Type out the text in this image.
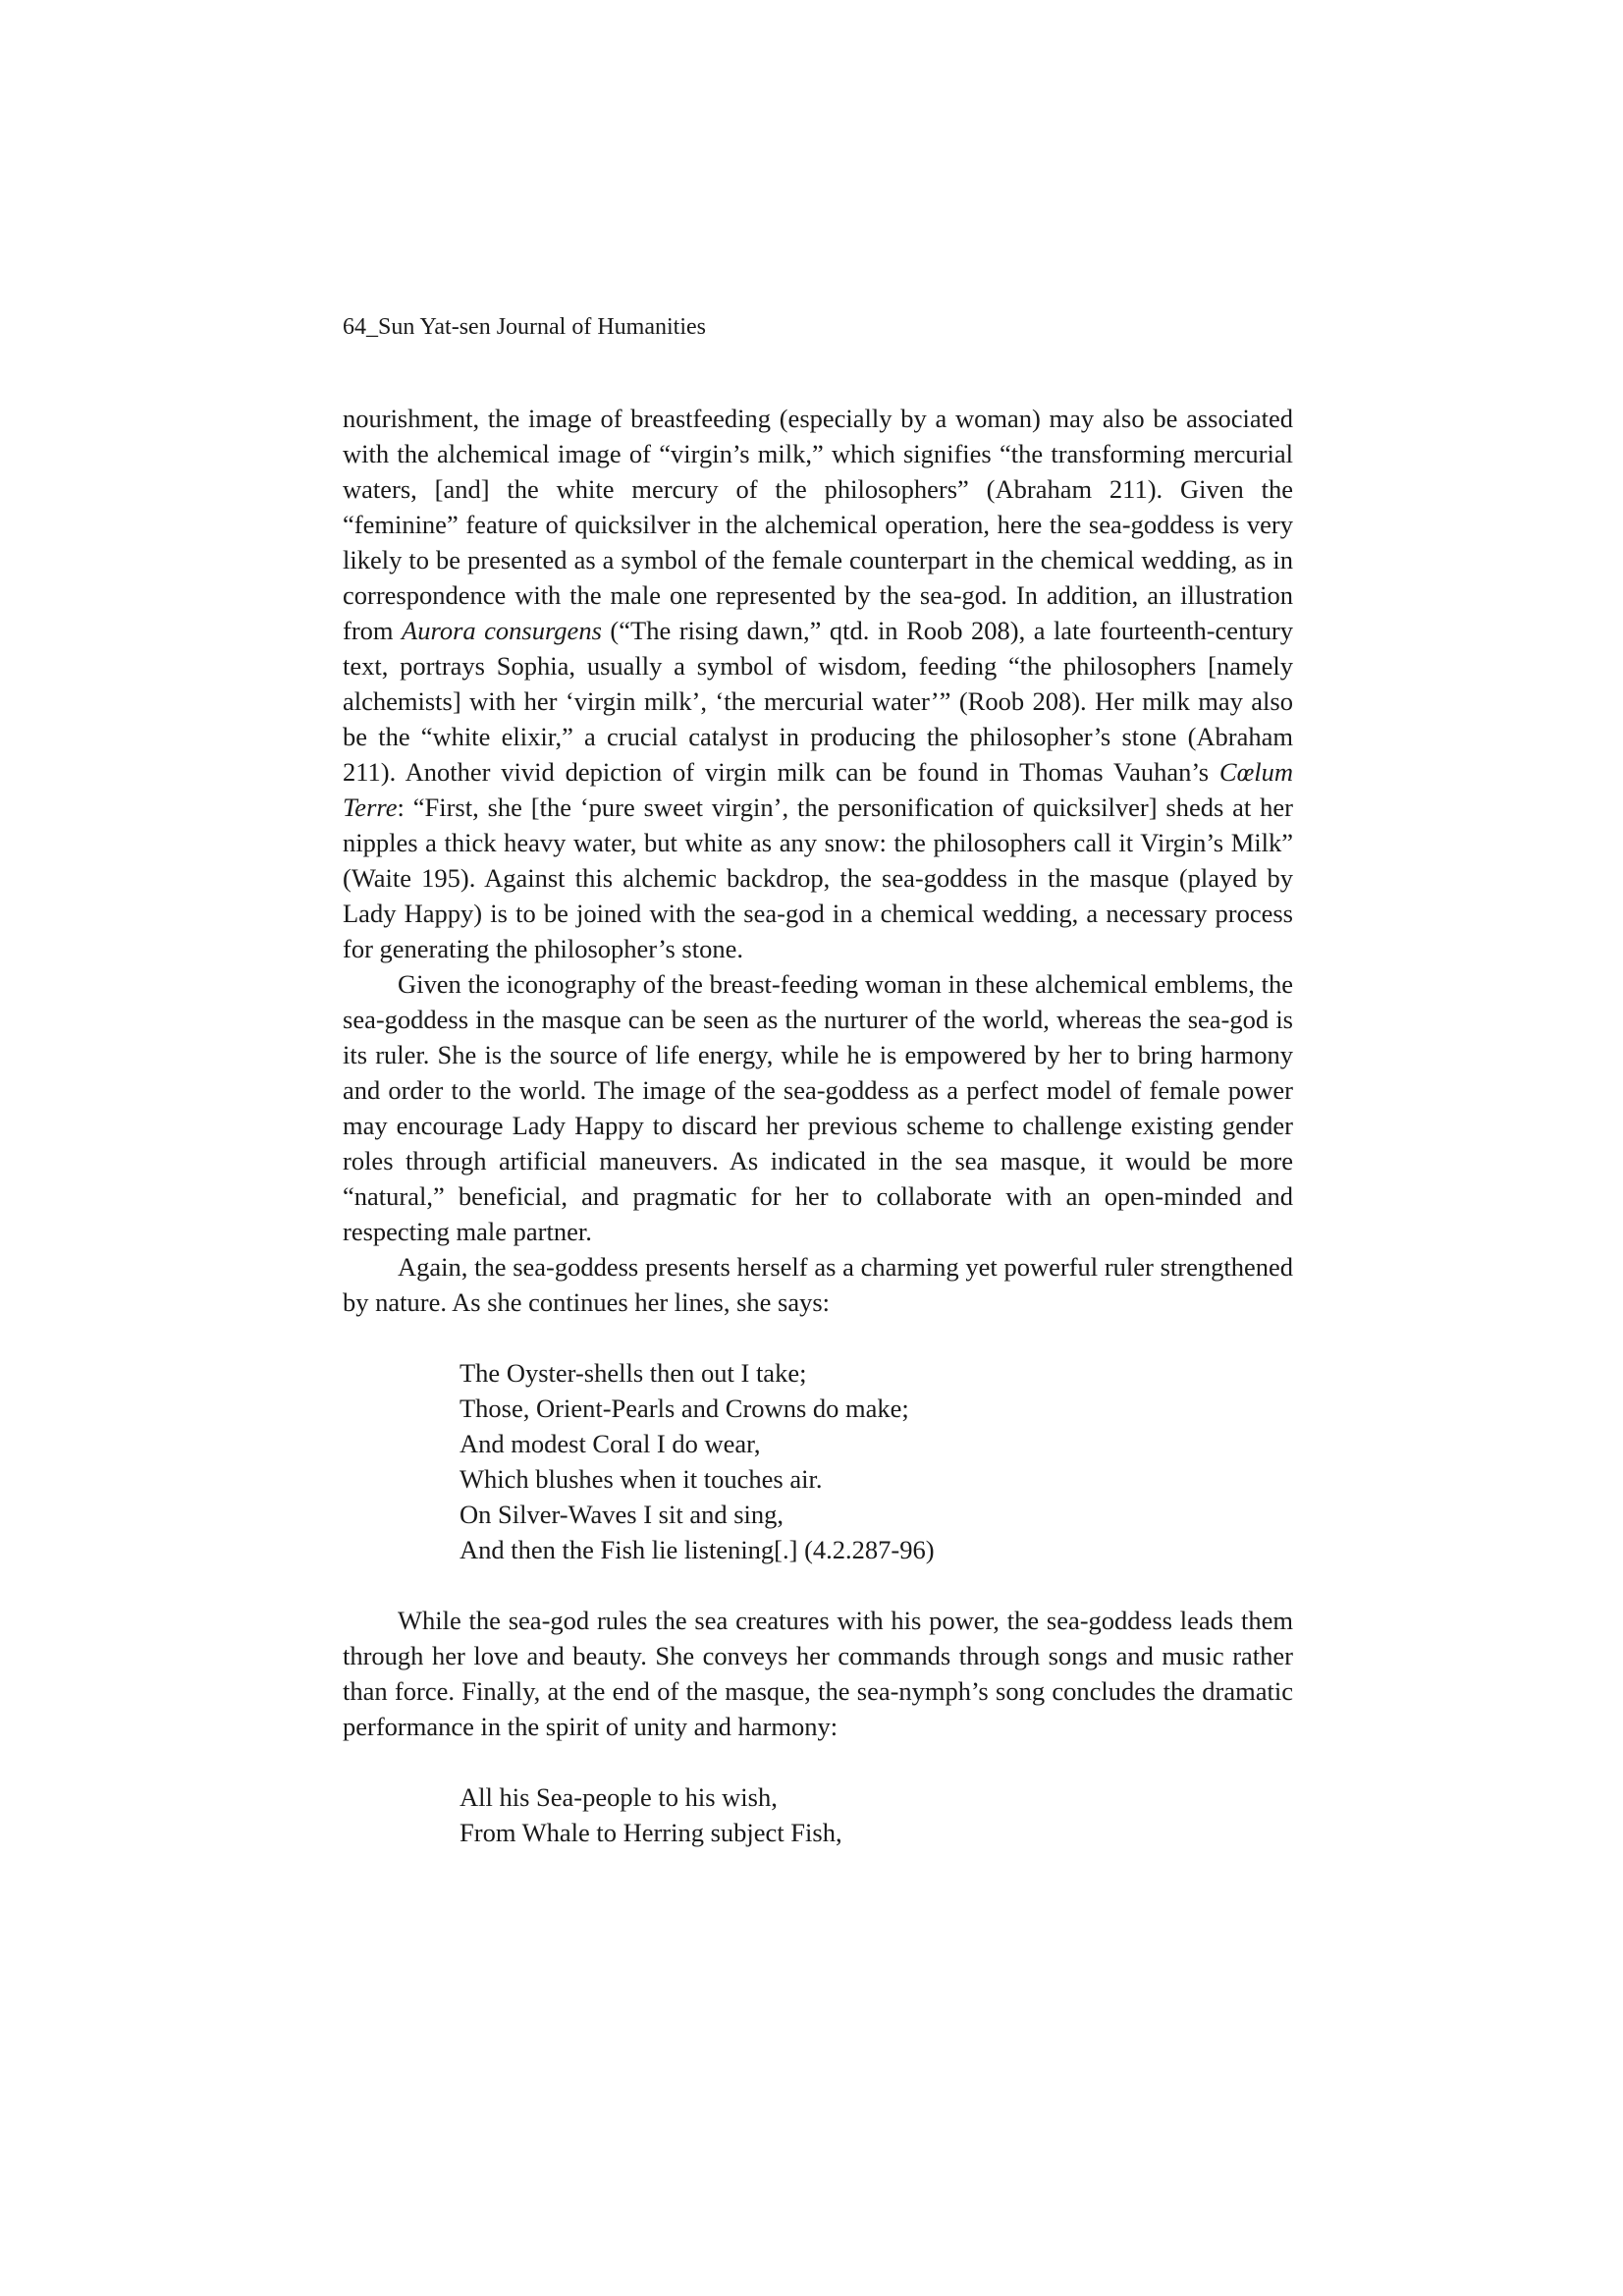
64_Sun Yat-sen Journal of Humanities

nourishment, the image of breastfeeding (especially by a woman) may also be associated with the alchemical image of “virgin’s milk,” which signifies “the transforming mercurial waters, [and] the white mercury of the philosophers” (Abraham 211). Given the “feminine” feature of quicksilver in the alchemical operation, here the sea-goddess is very likely to be presented as a symbol of the female counterpart in the chemical wedding, as in correspondence with the male one represented by the sea-god. In addition, an illustration from Aurora consurgens (“The rising dawn,” qtd. in Roob 208), a late fourteenth-century text, portrays Sophia, usually a symbol of wisdom, feeding “the philosophers [namely alchemists] with her ‘virgin milk’, ‘the mercurial water’” (Roob 208). Her milk may also be the “white elixir,” a crucial catalyst in producing the philosopher’s stone (Abraham 211). Another vivid depiction of virgin milk can be found in Thomas Vauhan’s Cœlum Terre: “First, she [the ‘pure sweet virgin’, the personification of quicksilver] sheds at her nipples a thick heavy water, but white as any snow: the philosophers call it Virgin’s Milk” (Waite 195). Against this alchemic backdrop, the sea-goddess in the masque (played by Lady Happy) is to be joined with the sea-god in a chemical wedding, a necessary process for generating the philosopher’s stone.

Given the iconography of the breast-feeding woman in these alchemical emblems, the sea-goddess in the masque can be seen as the nurturer of the world, whereas the sea-god is its ruler. She is the source of life energy, while he is empowered by her to bring harmony and order to the world. The image of the sea-goddess as a perfect model of female power may encourage Lady Happy to discard her previous scheme to challenge existing gender roles through artificial maneuvers. As indicated in the sea masque, it would be more “natural,” beneficial, and pragmatic for her to collaborate with an open-minded and respecting male partner.

Again, the sea-goddess presents herself as a charming yet powerful ruler strengthened by nature. As she continues her lines, she says:

The Oyster-shells then out I take;
Those, Orient-Pearls and Crowns do make;
And modest Coral I do wear,
Which blushes when it touches air.
On Silver-Waves I sit and sing,
And then the Fish lie listening[.] (4.2.287-96)

While the sea-god rules the sea creatures with his power, the sea-goddess leads them through her love and beauty. She conveys her commands through songs and music rather than force. Finally, at the end of the masque, the sea-nymph’s song concludes the dramatic performance in the spirit of unity and harmony:

All his Sea-people to his wish,
From Whale to Herring subject Fish,
